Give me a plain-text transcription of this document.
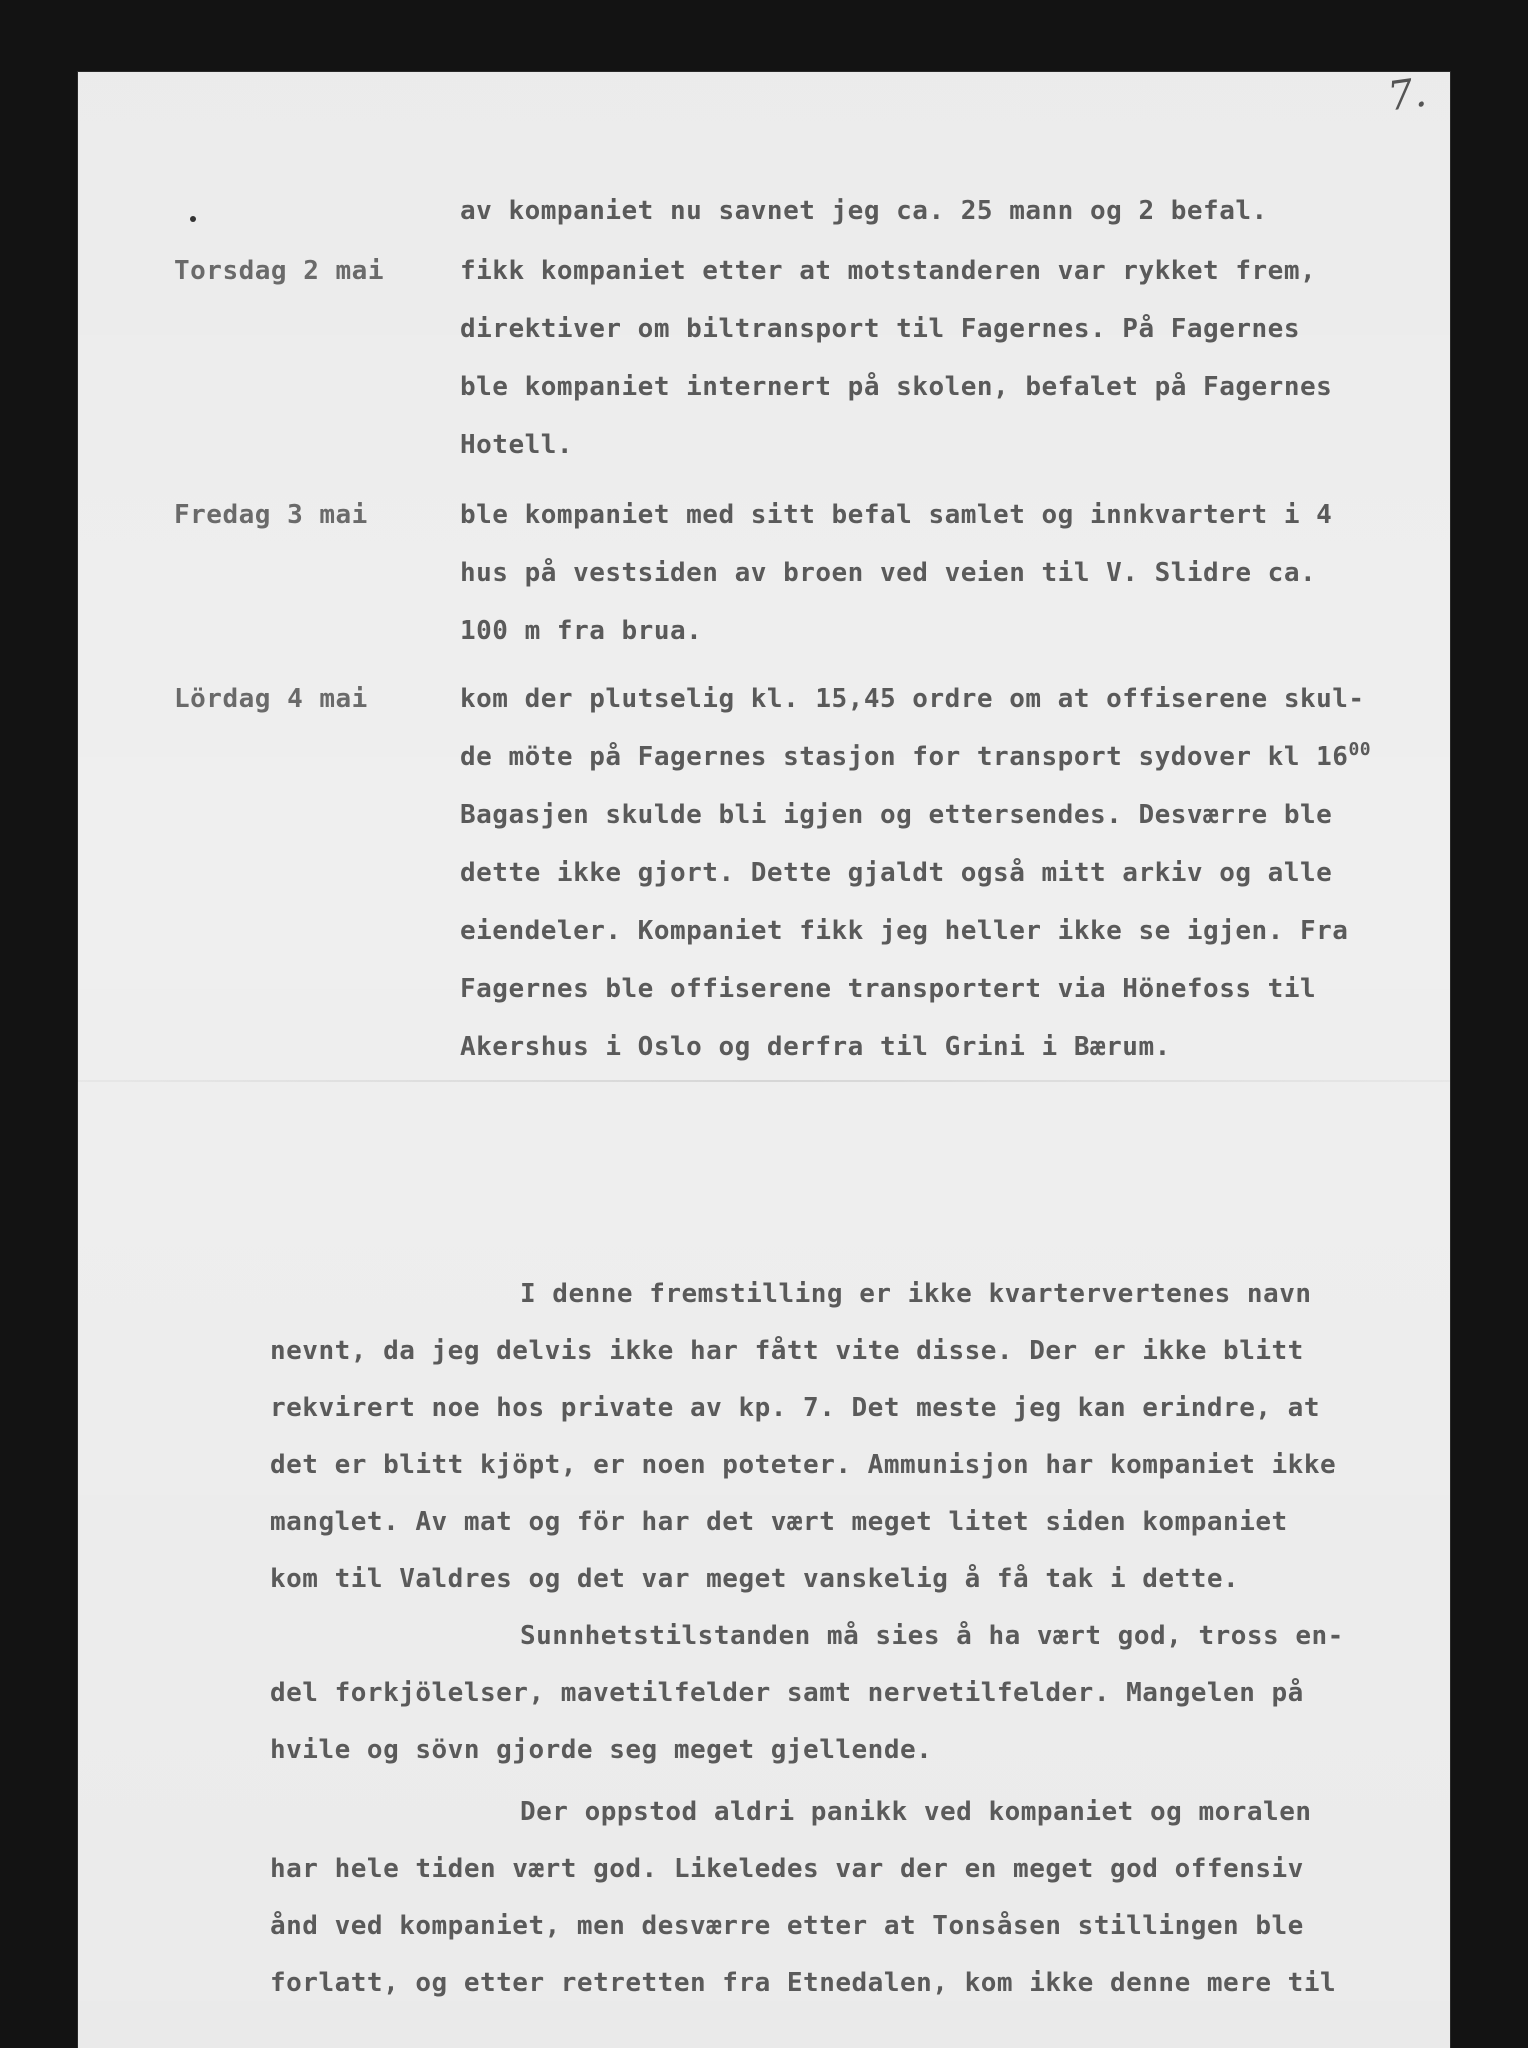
7.
av kompaniet nu savnet jeg ca. 25 mann og 2 befal.
Torsdag 2 mai	fikk kompaniet etter at motstanderen var rykket frem,
direktiver om biltransport til Fagernes. På Fagernes
ble kompaniet internert på skolen, befalet på Fagernes
Hotell.
Fredag 3 mai	ble kompaniet med sitt befal samlet og innkvartert i 4
hus på vestsiden av broen ved veien til V. Slidre ca.
100 m fra brua.
Lördag 4 mai	kom der plutselig kl. 15,45 ordre om at offiserene skul-
de möte på Fagernes stasjon for transport sydover kl $16^{00}$
Bagasjen skulde bli igjen og ettersendes. Desværre ble
dette ikke gjort. Dette gjaldt også mitt arkiv og alle
eiendeler. Kompaniet fikk jeg heller ikke se igjen. Fra
Fagernes ble offiserene transportert via Hönefoss til
Akershus i Oslo og derfra til Grini i Bærum.
I denne fremstilling er ikke kvartervertenes navn
nevnt, da jeg delvis ikke har fått vite disse. Der er ikke blitt
rekvirert noe hos private av kp. 7. Det meste jeg kan erindre, at
det er blitt kjöpt, er noen poteter. Ammunisjon har kompaniet ikke
manglet. Av mat og för har det vært meget litet siden kompaniet
kom til Valdres og det var meget vanskelig å få tak i dette.
Sunnhetstilstanden må sies å ha vært god, tross en-
del forkjölelser, mavetilfelder samt nervetilfelder. Mangelen på
hvile og sövn gjorde seg meget gjellende.
Der oppstod aldri panikk ved kompaniet og moralen
har hele tiden vært god. Likeledes var der en meget god offensiv
ånd ved kompaniet, men desværre etter at Tonsåsen stillingen ble
forlatt, og etter retretten fra Etnedalen, kom ikke denne mere til
